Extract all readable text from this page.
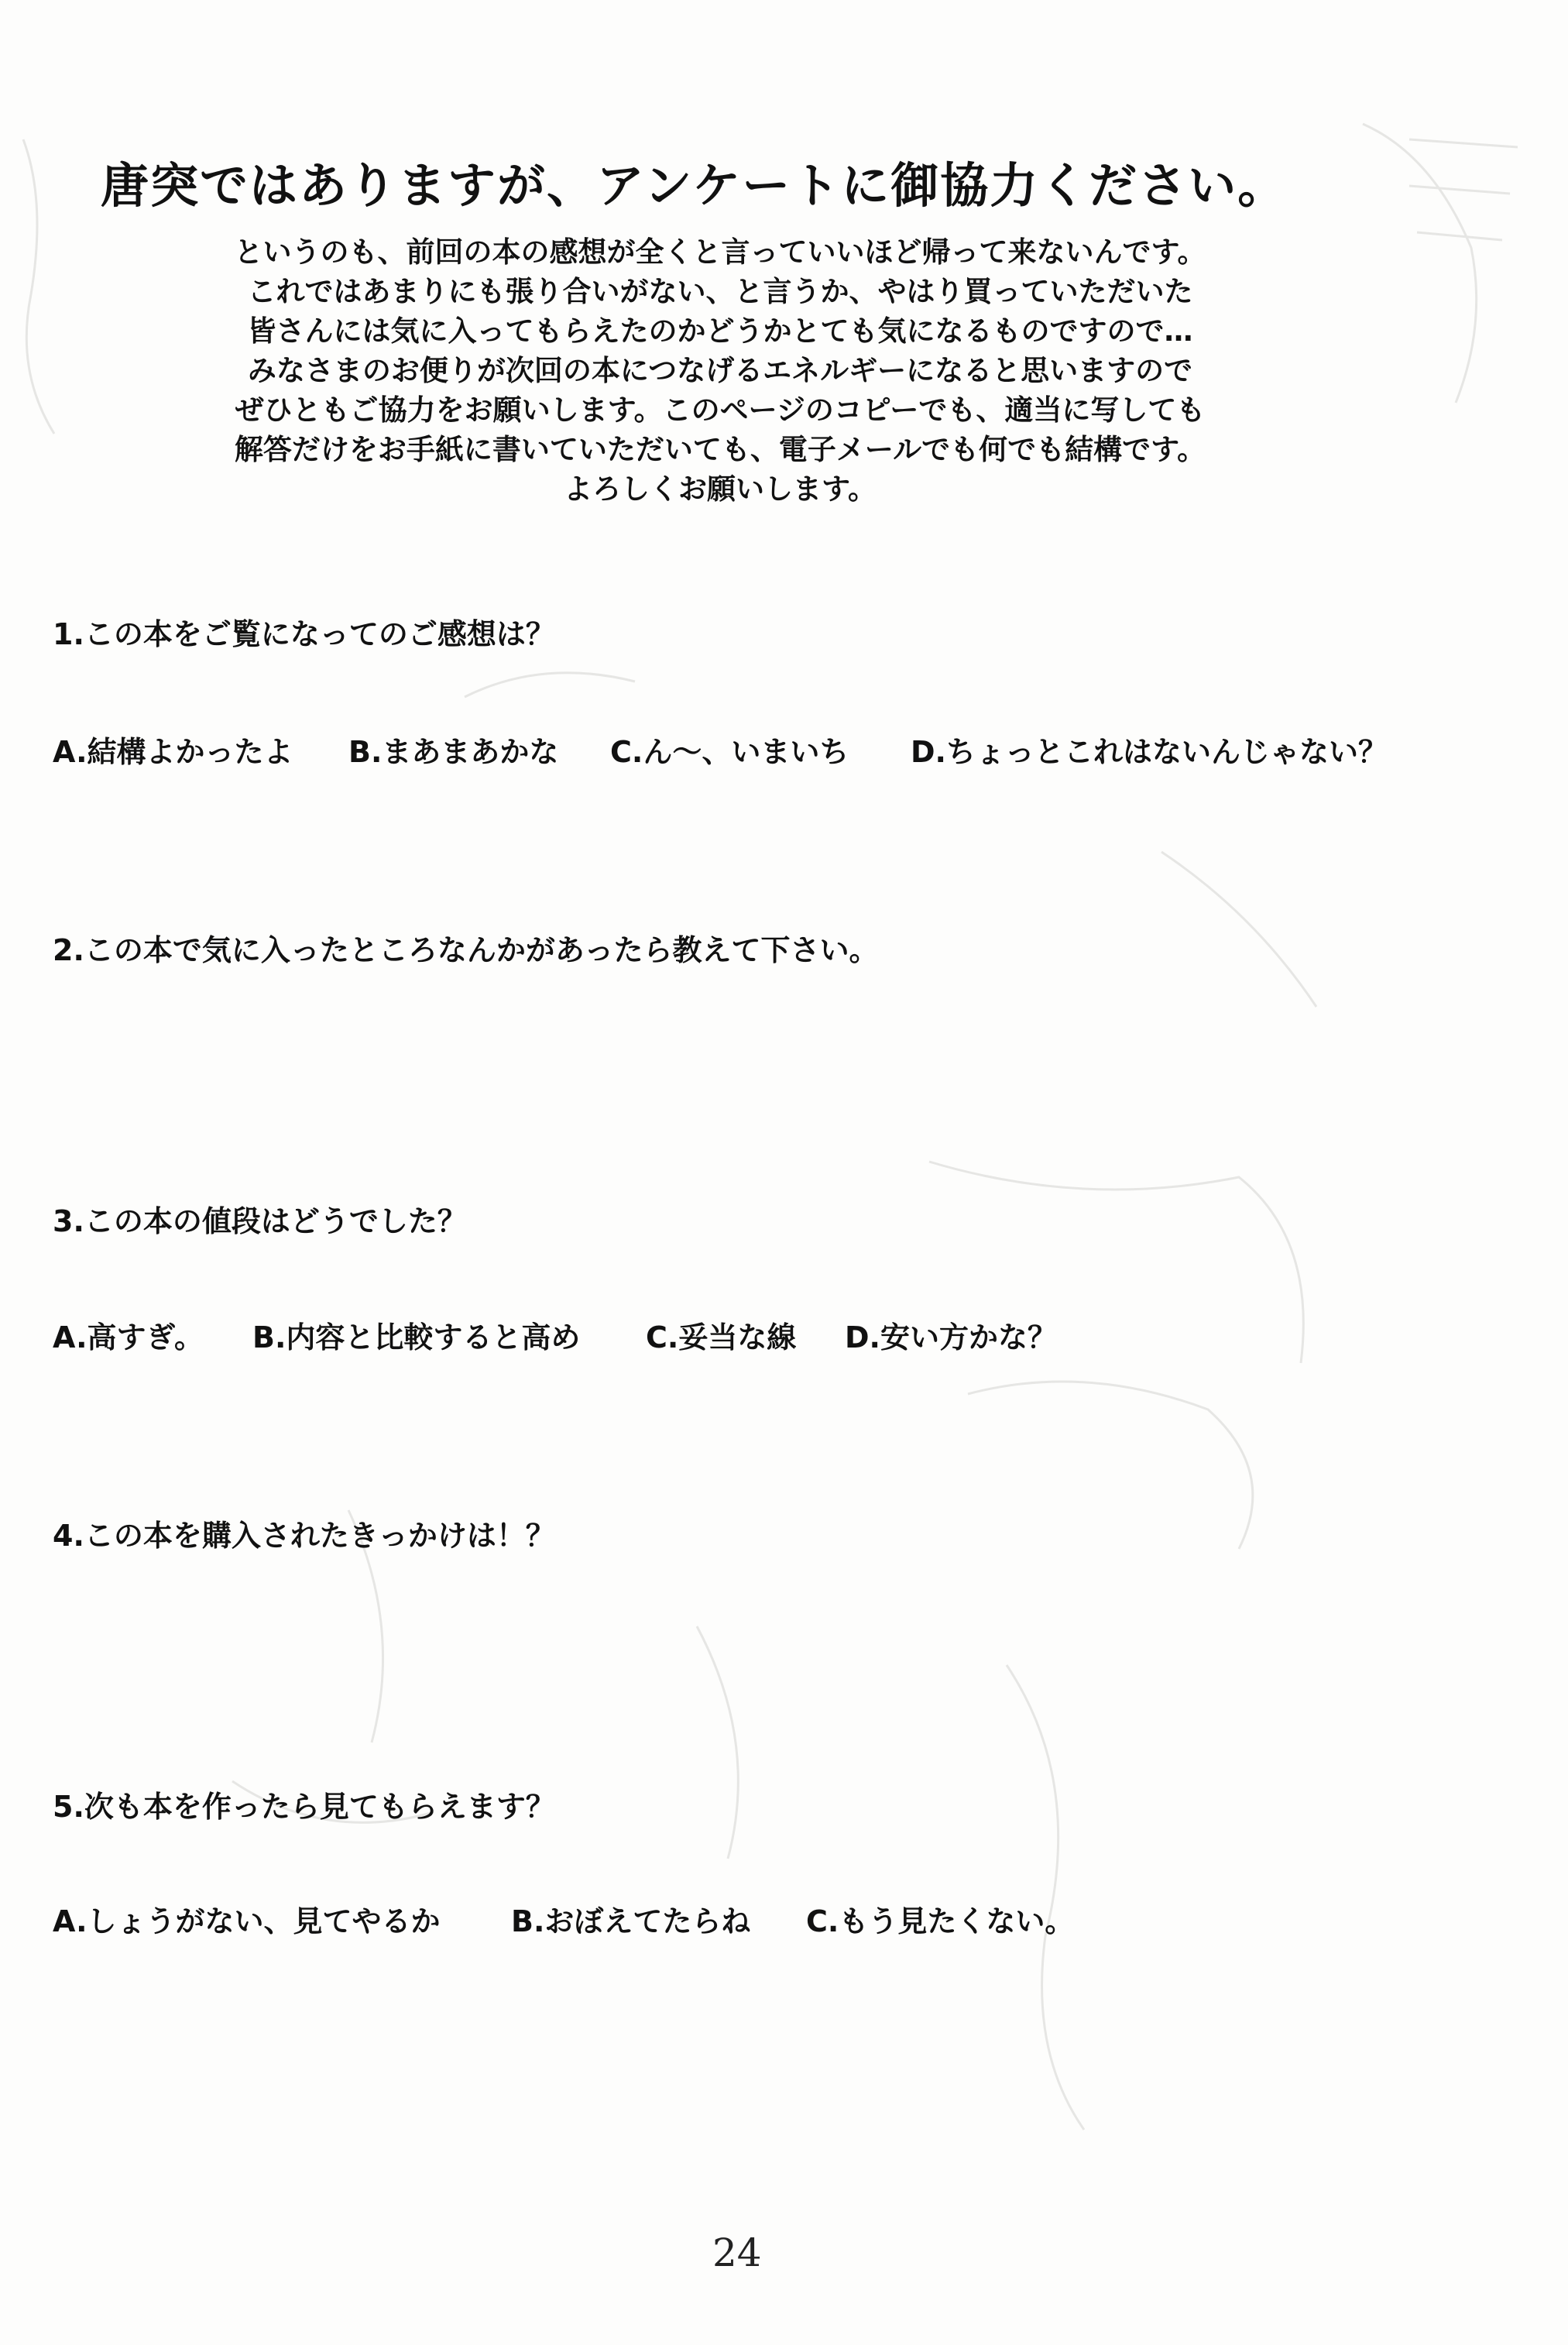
唐突ではありますが、アンケートに御協力ください。
というのも、前回の本の感想が全くと言っていいほど帰って来ないんです。
これではあまりにも張り合いがない、と言うか、やはり買っていただいた
皆さんには気に入ってもらえたのかどうかとても気になるものですので…
みなさまのお便りが次回の本につなげるエネルギーになると思いますので
ぜひともご協力をお願いします。このページのコピーでも、適当に写しても
解答だけをお手紙に書いていただいても、電子メールでも何でも結構です。
よろしくお願いします。
1.この本をご覧になってのご感想は？
A.結構よかったよ B.まあまあかな C.ん〜、いまいち D.ちょっとこれはないんじゃない？
2.この本で気に入ったところなんかがあったら教えて下さい。
3.この本の値段はどうでした？
A.高すぎ。 B.内容と比較すると高め C.妥当な線 D.安い方かな？
4.この本を購入されたきっかけは！？
5.次も本を作ったら見てもらえます？
A.しょうがない、見てやるか B.おぼえてたらね C.もう見たくない。
24
